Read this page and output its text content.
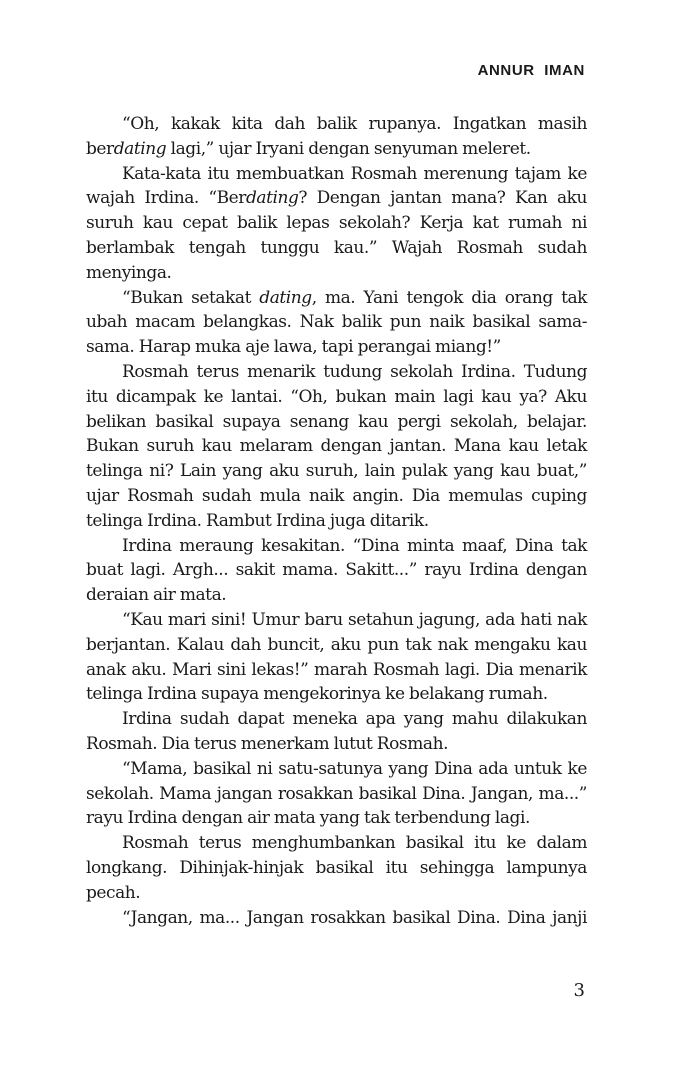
ANNUR  IMAN

“Oh, kakak kita dah balik rupanya. Ingatkan masih berdating lagi,” ujar Iryani dengan senyuman meleret.

Kata-kata itu membuatkan Rosmah merenung tajam ke wajah Irdina. “Berdating? Dengan jantan mana? Kan aku suruh kau cepat balik lepas sekolah? Kerja kat rumah ni berlambak tengah tunggu kau.” Wajah Rosmah sudah menyinga.

“Bukan setakat dating, ma. Yani tengok dia orang tak ubah macam belangkas. Nak balik pun naik basikal sama-sama. Harap muka aje lawa, tapi perangai miang!”

Rosmah terus menarik tudung sekolah Irdina. Tudung itu dicampak ke lantai. “Oh, bukan main lagi kau ya? Aku belikan basikal supaya senang kau pergi sekolah, belajar. Bukan suruh kau melaram dengan jantan. Mana kau letak telinga ni? Lain yang aku suruh, lain pulak yang kau buat,” ujar Rosmah sudah mula naik angin. Dia memulas cuping telinga Irdina. Rambut Irdina juga ditarik.

Irdina meraung kesakitan. “Dina minta maaf, Dina tak buat lagi. Argh... sakit mama. Sakitt...” rayu Irdina dengan deraian air mata.

“Kau mari sini! Umur baru setahun jagung, ada hati nak berjantan. Kalau dah buncit, aku pun tak nak mengaku kau anak aku. Mari sini lekas!” marah Rosmah lagi. Dia menarik telinga Irdina supaya mengekorinya ke belakang rumah.

Irdina sudah dapat meneka apa yang mahu dilakukan Rosmah. Dia terus menerkam lutut Rosmah.

“Mama, basikal ni satu-satunya yang Dina ada untuk ke sekolah. Mama jangan rosakkan basikal Dina. Jangan, ma...” rayu Irdina dengan air mata yang tak terbendung lagi.

Rosmah terus menghumbankan basikal itu ke dalam longkang. Dihinjak-hinjak basikal itu sehingga lampunya pecah.

“Jangan, ma... Jangan rosakkan basikal Dina. Dina janji

3
